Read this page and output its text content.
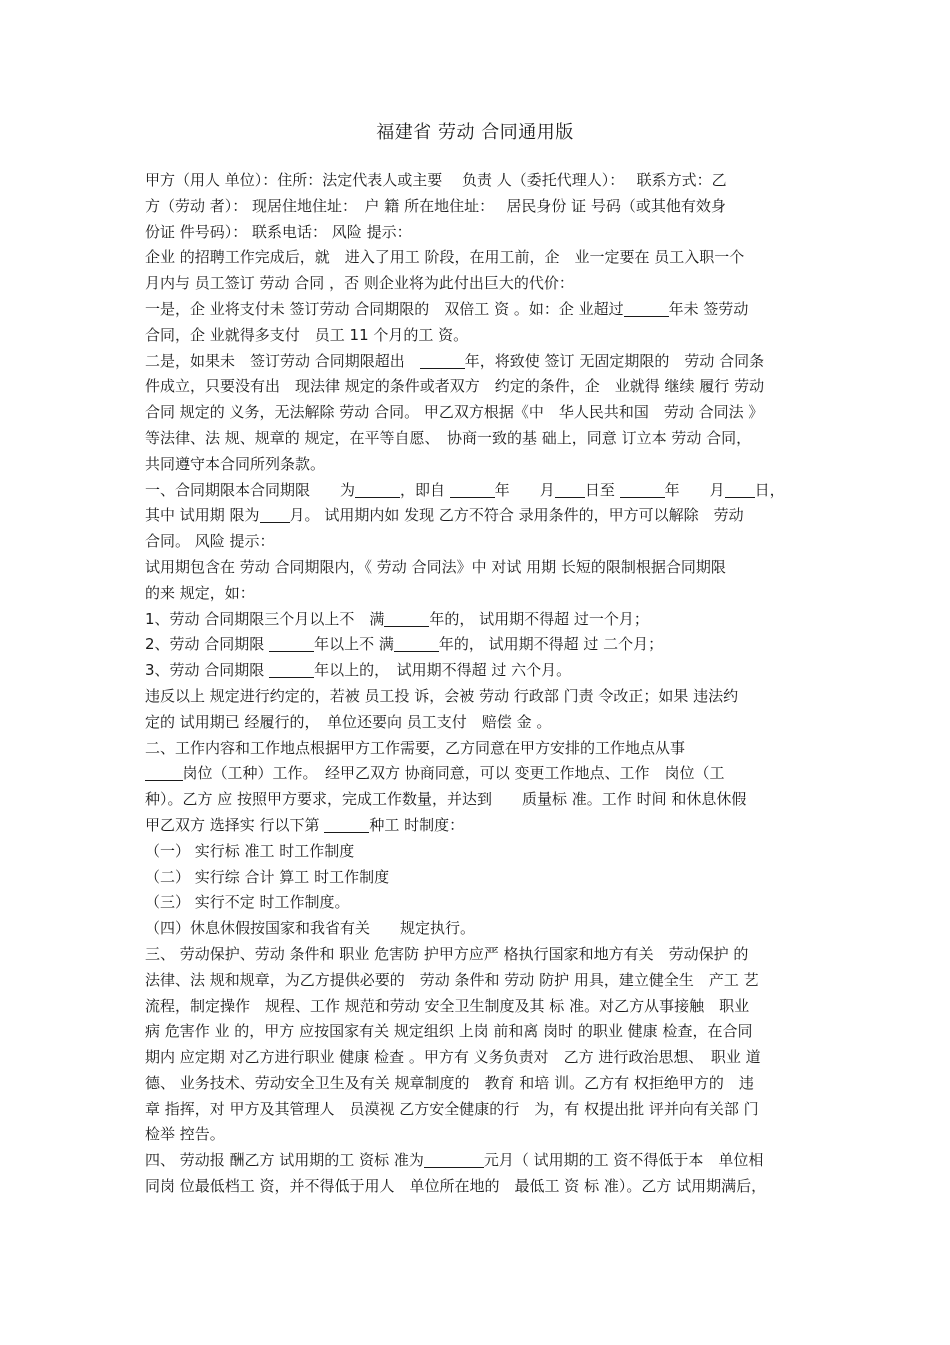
福建省 劳动 合同通用版
甲方（用人 单位）：住所：法定代表人或主要　 负责 人（委托代理人）：　 联系方式：乙
方（劳动 者）： 现居住地住址：　户 籍 所在地住址：　 居民身份 证 号码（或其他有效身
份证 件号码）： 联系电话： 风险 提示：
企业 的招聘工作完成后，就　进入了用工 阶段，在用工前，企　业一定要在 员工入职一个
月内与 员工签订 劳动 合同 ，否 则企业将为此付出巨大的代价：
一是，企 业将支付未 签订劳动 合同期限的　双倍工 资 。如：企 业超过	年未 签劳动
合同，企 业就得多支付　员工 11 个月的工 资。
二是，如果未　签订劳动 合同期限超出　	年，将致使 签订 无固定期限的　劳动 合同条
件成立，只要没有出　现法律 规定的条件或者双方　约定的条件，企　业就得 继续 履行 劳动
合同 规定的 义务，无法解除 劳动 合同。 甲乙双方根据《中　华人民共和国　劳动 合同法 》
等法律、法 规、规章的 规定，在平等自愿、　协商一致的基 础上，同意 订立本 劳动 合同，
共同遵守本合同所列条款。
一、合同期限本合同期限　　为	，即自	年　　月 日至	年　　月 日，
其中 试用期 限为 月。 试用期内如 发现 乙方不符合 录用条件的，甲方可以解除　劳动
合同。 风险 提示：
试用期包含在 劳动 合同期限内，《 劳动 合同法》中 对试 用期 长短的限制根据合同期限
的来 规定，如：
1、劳动 合同期限三个月以上不　满	年的， 试用期不得超 过一个月；
2、劳动 合同期限	年以上不 满	年的， 试用期不得超 过 二个月；
3、劳动 合同期限	年以上的，　试用期不得超 过 六个月。
违反以上 规定进行约定的，若被 员工投 诉，会被 劳动 行政部 门责 令改正；如果 违法约
定的 试用期已 经履行的，　单位还要向 员工支付　赔偿 金 。
二、工作内容和工作地点根据甲方工作需要，乙方同意在甲方安排的工作地点从事
岗位（工种）工作。　经甲乙双方 协商同意，可以 变更工作地点、工作　岗位（工
种）。乙方 应 按照甲方要求，完成工作数量，并达到　　质量标 准。工作 时间 和休息休假
甲乙双方 选择实 行以下第	种工 时制度：
（一） 实行标 准工 时工作制度
（二） 实行综 合计 算工 时工作制度
（三） 实行不定 时工作制度。
（四）休息休假按国家和我省有关　　规定执行。
三、 劳动保护、劳动 条件和 职业 危害防 护甲方应严 格执行国家和地方有关　劳动保护 的
法律、法 规和规章，为乙方提供必要的　劳动 条件和 劳动 防护 用具，建立健全生　产工 艺
流程，制定操作　规程、工作 规范和劳动 安全卫生制度及其 标 准。对乙方从事接触　职业
病 危害作 业 的，甲方 应按国家有关 规定组织 上岗 前和离 岗时 的职业 健康 检查，在合同
期内 应定期 对乙方进行职业 健康 检查 。甲方有 义务负责对　乙方 进行政治思想、　职业 道
德、 业务技术、劳动安全卫生及有关 规章制度的　教育 和培 训。乙方有 权拒绝甲方的　违
章 指挥，对 甲方及其管理人　员漠视 乙方安全健康的行　为，有 权提出批 评并向有关部 门
检举 控告。
四、 劳动报 酬乙方 试用期的工 资标 准为	元月（ 试用期的工 资不得低于本　单位相
同岗 位最低档工 资，并不得低于用人　单位所在地的　最低工 资 标 准）。乙方 试用期满后，
